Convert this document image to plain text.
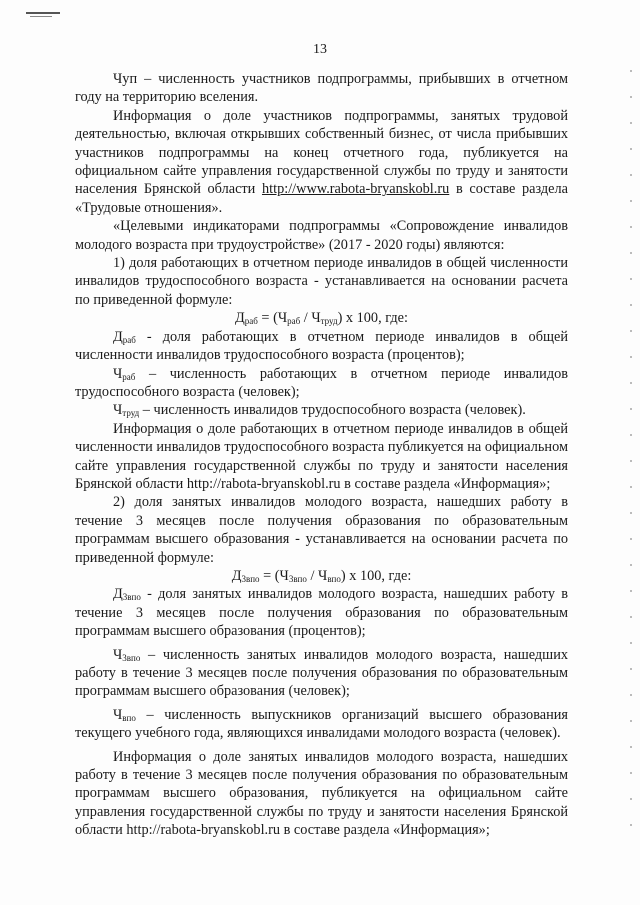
13

Чуп – численность участников подпрограммы, прибывших в отчетном году на территорию вселения.

Информация о доле участников подпрограммы, занятых трудовой деятельностью, включая открывших собственный бизнес, от числа прибывших участников подпрограммы на конец отчетного года, публикуется на официальном сайте управления государственной службы по труду и занятости населения Брянской области http://www.rabota-bryanskobl.ru в составе раздела «Трудовые отношения».

«Целевыми индикаторами подпрограммы «Сопровождение инвалидов молодого возраста при трудоустройстве» (2017 - 2020 годы) являются:

1) доля работающих в отчетном периоде инвалидов в общей численности инвалидов трудоспособного возраста - устанавливается на основании расчета по приведенной формуле:

$Д_{раб} = (Ч_{раб} / Ч_{труд})$ х 100, где:

$Д_{раб}$ - доля работающих в отчетном периоде инвалидов в общей численности инвалидов трудоспособного возраста (процентов);

$Ч_{раб}$ – численность работающих в отчетном периоде инвалидов трудоспособного возраста (человек);

$Ч_{труд}$ – численность инвалидов трудоспособного возраста (человек).

Информация о доле работающих в отчетном периоде инвалидов в общей численности инвалидов трудоспособного возраста публикуется на официальном сайте управления государственной службы по труду и занятости населения Брянской области http://rabota-bryanskobl.ru в составе раздела «Информация»;

2) доля занятых инвалидов молодого возраста, нашедших работу в течение 3 месяцев после получения образования по образовательным программам высшего образования - устанавливается на основании расчета по приведенной формуле:

$Д_{3впо} = (Ч_{3впо} / Ч_{впо})$ х 100, где:

$Д_{3впо}$ - доля занятых инвалидов молодого возраста, нашедших работу в течение 3 месяцев после получения образования по образовательным программам высшего образования (процентов);

$Ч_{3впо}$ – численность занятых инвалидов молодого возраста, нашедших работу в течение 3 месяцев после получения образования по образовательным программам высшего образования (человек);

$Ч_{впо}$ – численность выпускников организаций высшего образования текущего учебного года, являющихся инвалидами молодого возраста (человек).

Информация о доле занятых инвалидов молодого возраста, нашедших работу в течение 3 месяцев после получения образования по образовательным программам высшего образования, публикуется на официальном сайте управления государственной службы по труду и занятости населения Брянской области http://rabota-bryanskobl.ru в составе раздела «Информация»;
